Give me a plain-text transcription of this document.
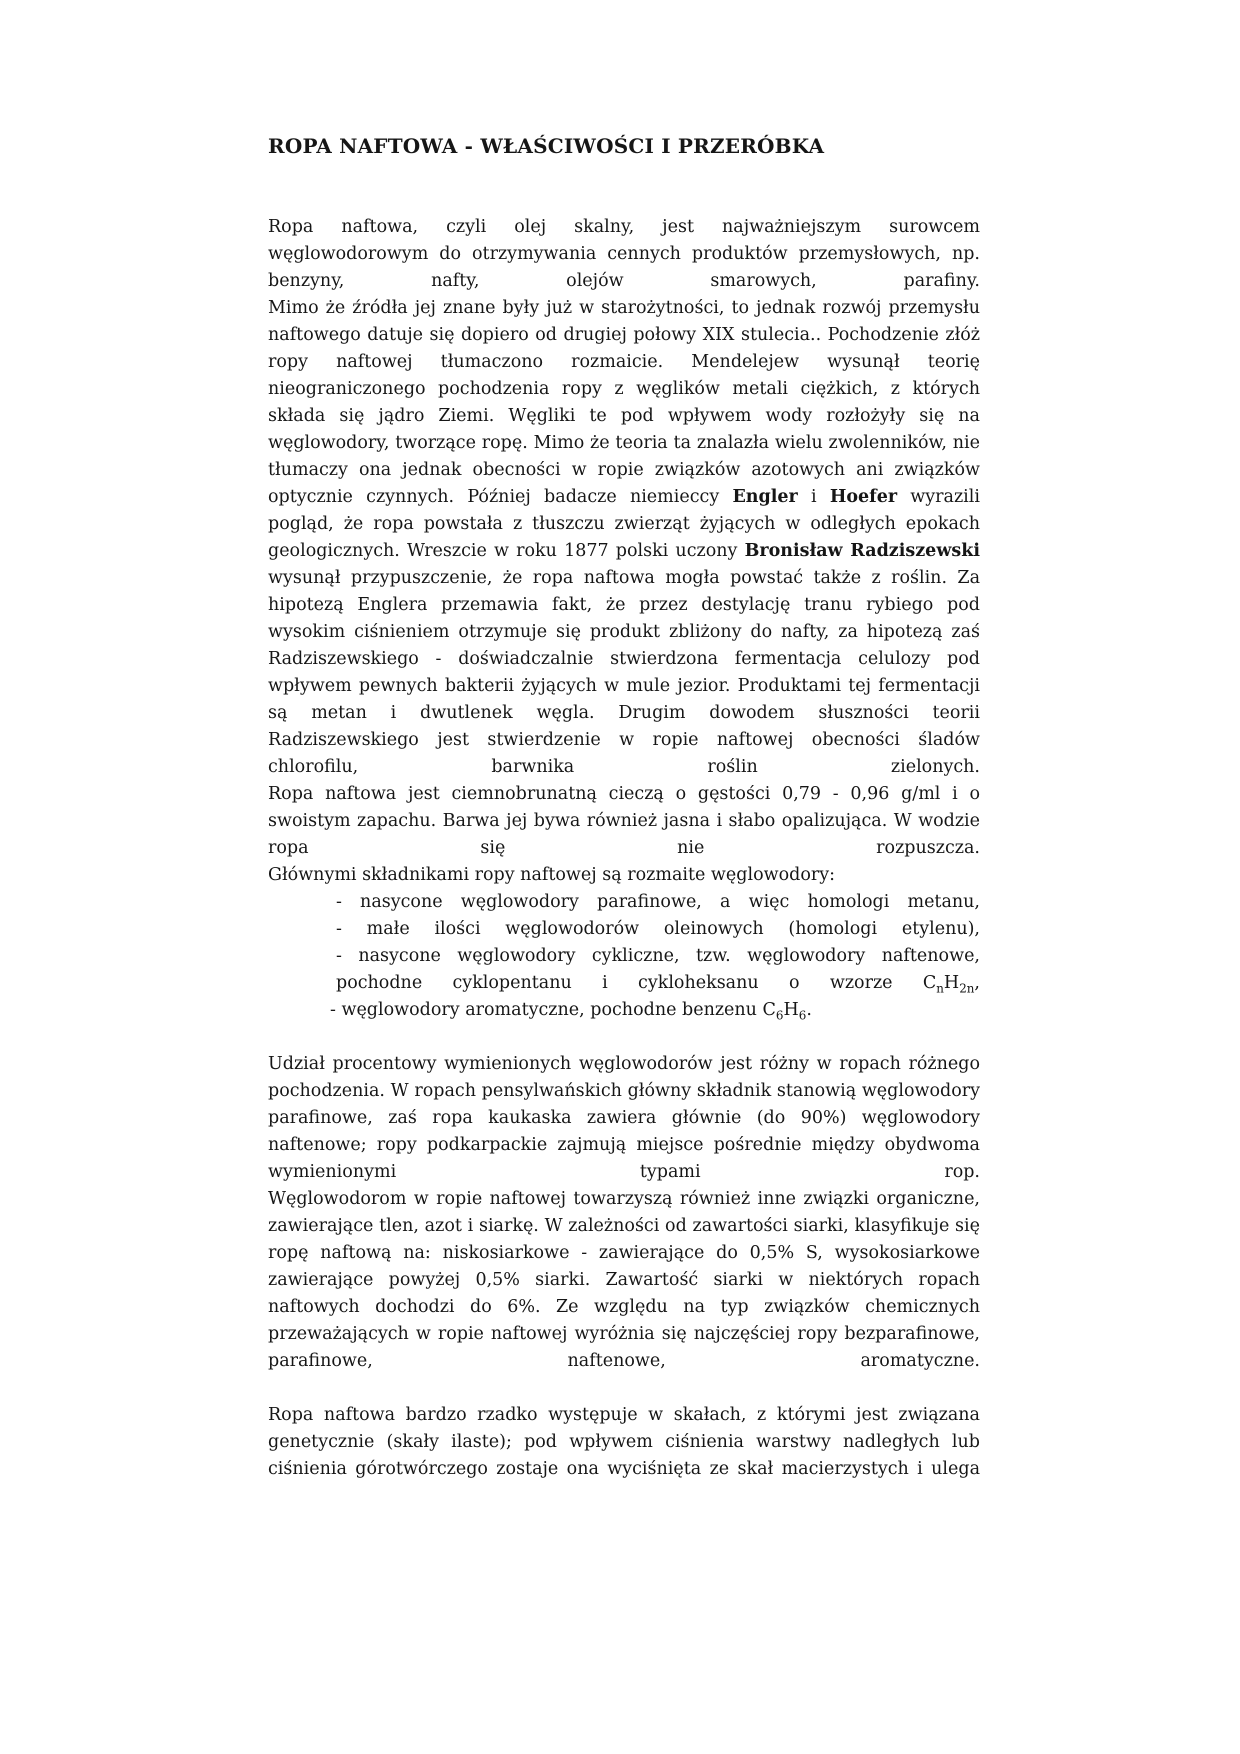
ROPA NAFTOWA - WŁAŚCIWOŚCI I PRZERÓBKA
Ropa naftowa, czyli olej skalny, jest najważniejszym surowcem węglowodorowym do otrzymywania cennych produktów przemysłowych, np. benzyny, nafty, olejów smarowych, parafiny.
Mimo że źródła jej znane były już w starożytności, to jednak rozwój przemysłu naftowego datuje się dopiero od drugiej połowy XIX stulecia.. Pochodzenie złóż ropy naftowej tłumaczono rozmaicie. Mendelejew wysunął teorię nieograniczonego pochodzenia ropy z węglików metali ciężkich, z których składa się jądro Ziemi. Węgliki te pod wpływem wody rozłożyły się na węglowodory, tworzące ropę. Mimo że teoria ta znalazła wielu zwolenników, nie tłumaczy ona jednak obecności w ropie związków azotowych ani związków optycznie czynnych. Później badacze niemieccy Engler i Hoefer wyrazili pogląd, że ropa powstała z tłuszczu zwierząt żyjących w odległych epokach geologicznych. Wreszcie w roku 1877 polski uczony Bronisław Radziszewski wysunął przypuszczenie, że ropa naftowa mogła powstać także z roślin. Za hipotezą Englera przemawia fakt, że przez destylację tranu rybiego pod wysokim ciśnieniem otrzymuje się produkt zbliżony do nafty, za hipotezą zaś Radziszewskiego - doświadczalnie stwierdzona fermentacja celulozy pod wpływem pewnych bakterii żyjących w mule jezior. Produktami tej fermentacji są metan i dwutlenek węgla. Drugim dowodem słuszności teorii Radziszewskiego jest stwierdzenie w ropie naftowej obecności śladów chlorofilu, barwnika roślin zielonych.
Ropa naftowa jest ciemnobrunatną cieczą o gęstości 0,79 - 0,96 g/ml i o swoistym zapachu. Barwa jej bywa również jasna i słabo opalizująca. W wodzie ropa się nie rozpuszcza.
Głównymi składnikami ropy naftowej są rozmaite węglowodory:
- nasycone węglowodory parafinowe, a więc homologi metanu,
- małe ilości węglowodorów oleinowych (homologi etylenu),
- nasycone węglowodory cykliczne, tzw. węglowodory naftenowe, pochodne cyklopentanu i cykloheksanu o wzorze $C_nH_{2n}$,
- węglowodory aromatyczne, pochodne benzenu $C_6H_6$.
Udział procentowy wymienionych węglowodorów jest różny w ropach różnego pochodzenia. W ropach pensylwańskich główny składnik stanowią węglowodory parafinowe, zaś ropa kaukaska zawiera głównie (do 90%) węglowodory naftenowe; ropy podkarpackie zajmują miejsce pośrednie między obydwoma wymienionymi typami rop.
Węglowodorom w ropie naftowej towarzyszą również inne związki organiczne, zawierające tlen, azot i siarkę. W zależności od zawartości siarki, klasyfikuje się ropę naftową na: niskosiarkowe - zawierające do 0,5% S, wysokosiarkowe zawierające powyżej 0,5% siarki. Zawartość siarki w niektórych ropach naftowych dochodzi do 6%. Ze względu na typ związków chemicznych przeważających w ropie naftowej wyróżnia się najczęściej ropy bezparafinowe, parafinowe, naftenowe, aromatyczne.
Ropa naftowa bardzo rzadko występuje w skałach, z którymi jest związana genetycznie (skały ilaste); pod wpływem ciśnienia warstwy nadległych lub ciśnienia górotwórczego zostaje ona wyciśnięta ze skał macierzystych i ulega
